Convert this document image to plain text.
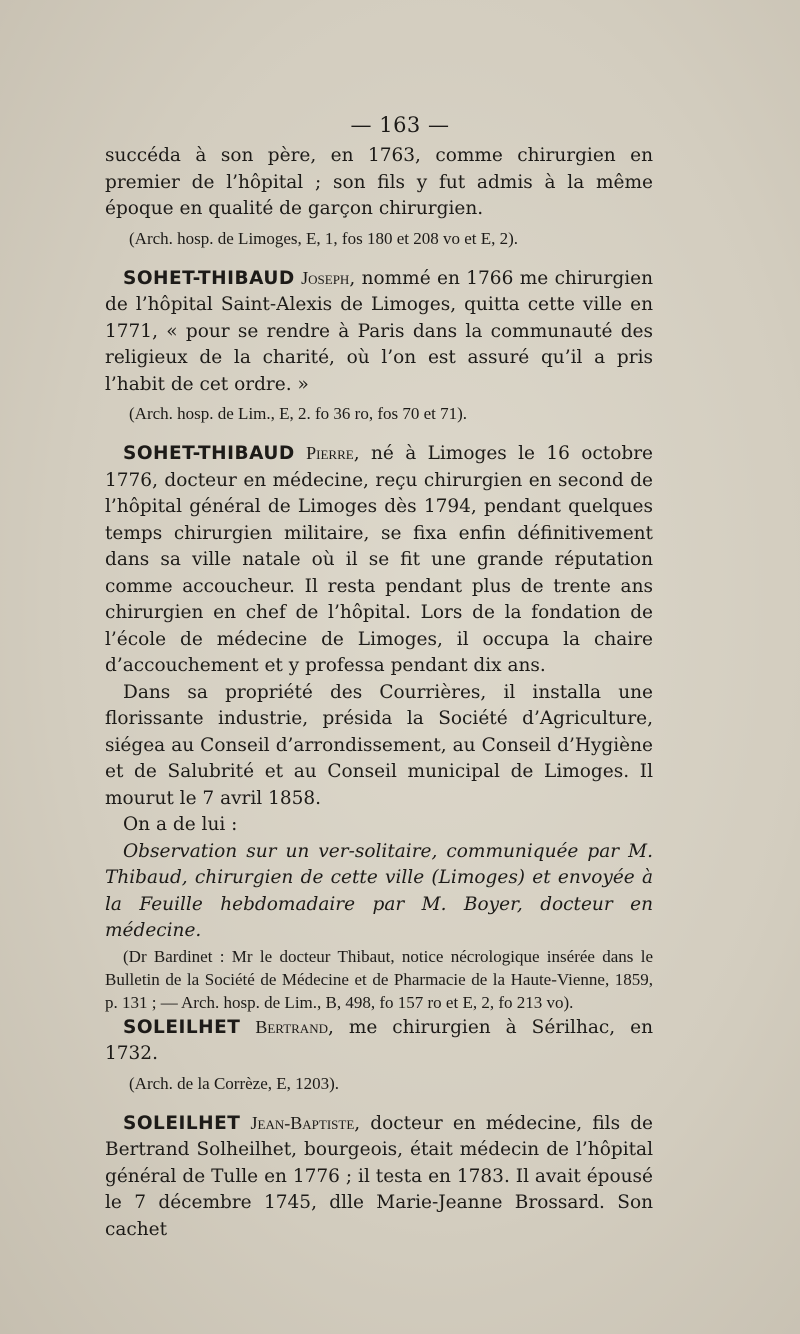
— 163 —

succéda à son père, en 1763, comme chirurgien en premier de l’hôpital ; son fils y fut admis à la même époque en qualité de garçon chirurgien.

(Arch. hosp. de Limoges, E, 1, fos 180 et 208 vo et E, 2).

SOHET-THIBAUD Joseph, nommé en 1766 me chirurgien de l’hôpital Saint-Alexis de Limoges, quitta cette ville en 1771, « pour se rendre à Paris dans la communauté des religieux de la charité, où l’on est assuré qu’il a pris l’habit de cet ordre. »

(Arch. hosp. de Lim., E, 2. fo 36 ro, fos 70 et 71).

SOHET-THIBAUD Pierre, né à Limoges le 16 octobre 1776, docteur en médecine, reçu chirurgien en second de l’hôpital général de Limoges dès 1794, pendant quelques temps chirurgien militaire, se fixa enfin définitivement dans sa ville natale où il se fit une grande réputation comme accoucheur. Il resta pendant plus de trente ans chirurgien en chef de l’hôpital. Lors de la fondation de l’école de médecine de Limoges, il occupa la chaire d’accouchement et y professa pendant dix ans.

Dans sa propriété des Courrières, il installa une florissante industrie, présida la Société d’Agriculture, siégea au Conseil d’arrondissement, au Conseil d’Hygiène et de Salubrité et au Conseil municipal de Limoges. Il mourut le 7 avril 1858.

On a de lui :

Observation sur un ver-solitaire, communiquée par M. Thibaud, chirurgien de cette ville (Limoges) et envoyée à la Feuille hebdomadaire par M. Boyer, docteur en médecine.

(Dr Bardinet : Mr le docteur Thibaut, notice nécrologique insérée dans le Bulletin de la Société de Médecine et de Pharmacie de la Haute-Vienne, 1859, p. 131 ; — Arch. hosp. de Lim., B, 498, fo 157 ro et E, 2, fo 213 vo).

SOLEILHET Bertrand, me chirurgien à Sérilhac, en 1732.

(Arch. de la Corrèze, E, 1203).

SOLEILHET Jean-Baptiste, docteur en médecine, fils de Bertrand Solheilhet, bourgeois, était médecin de l’hôpital général de Tulle en 1776 ; il testa en 1783. Il avait épousé le 7 décembre 1745, dlle Marie-Jeanne Brossard. Son cachet
